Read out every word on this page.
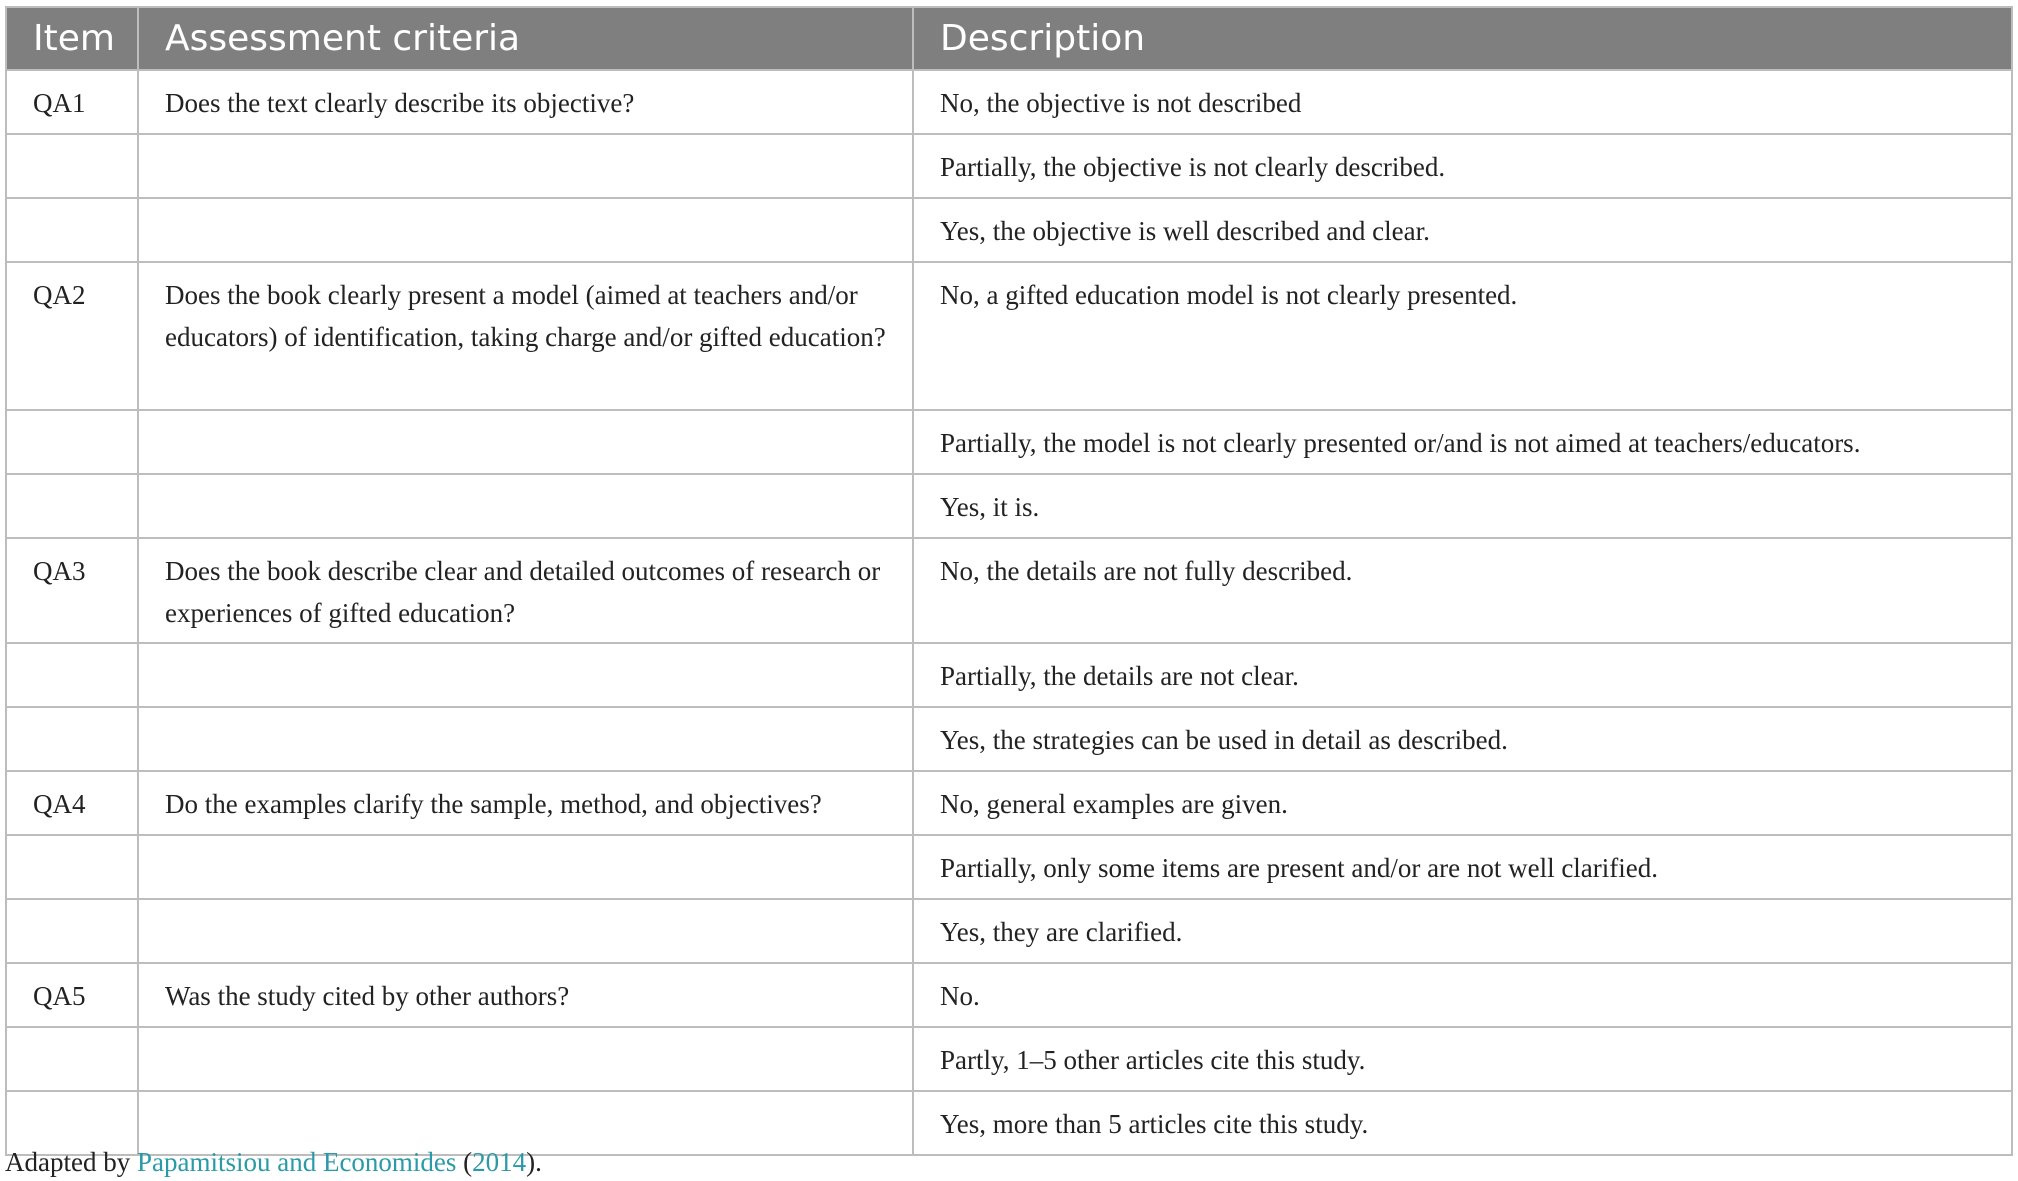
Item	Assessment criteria	Description
QA1	Does the text clearly describe its objective?	No, the objective is not described
		Partially, the objective is not clearly described.
		Yes, the objective is well described and clear.
QA2	Does the book clearly present a model (aimed at teachers and/or educators) of identification, taking charge and/or gifted education?	No, a gifted education model is not clearly presented.
		Partially, the model is not clearly presented or/and is not aimed at teachers/educators.
		Yes, it is.
QA3	Does the book describe clear and detailed outcomes of research or experiences of gifted education?	No, the details are not fully described.
		Partially, the details are not clear.
		Yes, the strategies can be used in detail as described.
QA4	Do the examples clarify the sample, method, and objectives?	No, general examples are given.
		Partially, only some items are present and/or are not well clarified.
		Yes, they are clarified.
QA5	Was the study cited by other authors?	No.
		Partly, 1–5 other articles cite this study.
		Yes, more than 5 articles cite this study.
Adapted by Papamitsiou and Economides (2014).
